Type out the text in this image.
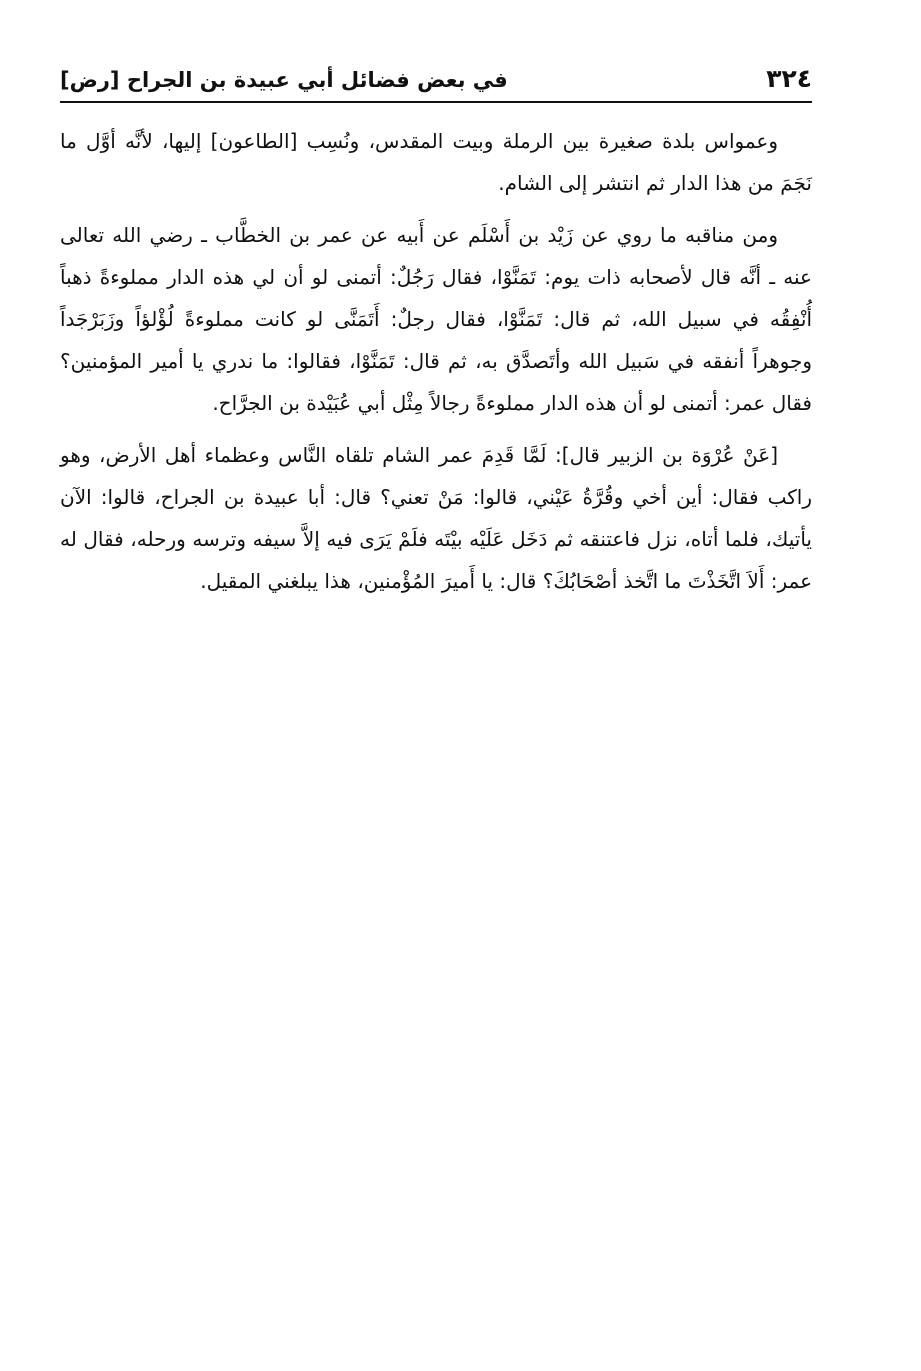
٣٢٤
في بعض فضائل أبي عبيدة بن الجراح [رض]

وعمواس بلدة صغيرة بين الرملة وبيت المقدس، ونُسِب [الطاعون] إليها، لأنَّه أوَّل ما نَجَمَ من هذا الدار ثم انتشر إلى الشام.

ومن مناقبه ما روي عن زَيْد بن أَسْلَم عن أَبيه عن عمر بن الخطَّاب ـ رضي الله تعالى عنه ـ أنَّه قال لأصحابه ذات يوم: تَمَنَّوْا، فقال رَجُلٌ: أتمنى لو أن لي هذه الدار مملوءةً ذهباً أُنْفِقُه في سبيل الله، ثم قال: تَمَنَّوْا، فقال رجلٌ: أَتَمَنَّى لو كانت مملوءةً لُؤْلؤاً وزَبَرْجَداً وجوهراً أنفقه في سَبيل الله وأتَصدَّق به، ثم قال: تَمَنَّوْا، فقالوا: ما ندري يا أمير المؤمنين؟ فقال عمر: أتمنى لو أن هذه الدار مملوءةً رجالاً مِثْل أبي عُبَيْدة بن الجرَّاح.

[عَنْ عُرْوَة بن الزبير قال]: لَمَّا قَدِمَ عمر الشام تلقاه النَّاس وعظماء أهل الأرض، وهو راكب فقال: أين أخي وقُرَّةُ عَيْني، قالوا: مَنْ تعني؟ قال: أبا عبيدة بن الجراح، قالوا: الآن يأتيك، فلما أتاه، نزل فاعتنقه ثم دَخَل عَلَيْه بيْتَه فلَمْ يَرَى فيه إلاَّ سيفه وترسه ورحله، فقال له عمر: أَلاَ اتَّخَذْتَ ما اتَّخذ أصْحَابُكَ؟ قال: يا أَميرَ المُؤْمنين، هذا يبلغني المقيل.
